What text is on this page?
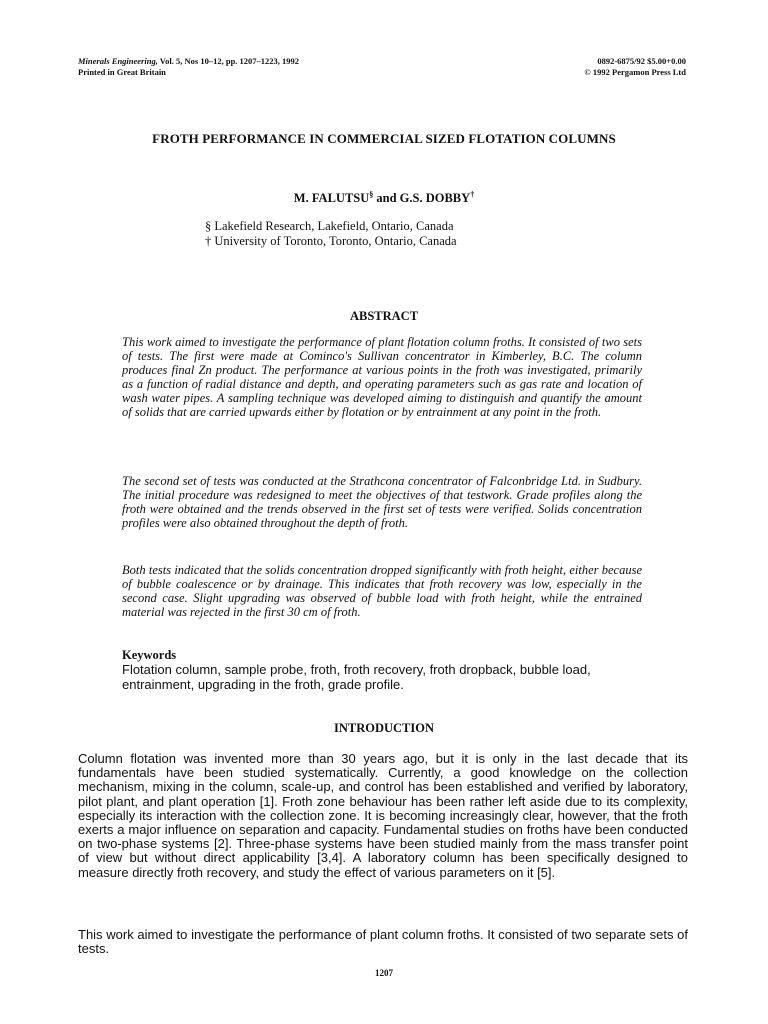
Minerals Engineering, Vol. 5, Nos 10–12, pp. 1207–1223, 1992
Printed in Great Britain
0892-6875/92 $5.00+0.00
© 1992 Pergamon Press Ltd
FROTH PERFORMANCE IN COMMERCIAL SIZED FLOTATION COLUMNS
M. FALUTSU§ and G.S. DOBBY†
§ Lakefield Research, Lakefield, Ontario, Canada
† University of Toronto, Toronto, Ontario, Canada
ABSTRACT
This work aimed to investigate the performance of plant flotation column froths. It consisted of two sets of tests. The first were made at Cominco's Sullivan concentrator in Kimberley, B.C. The column produces final Zn product. The performance at various points in the froth was investigated, primarily as a function of radial distance and depth, and operating parameters such as gas rate and location of wash water pipes. A sampling technique was developed aiming to distinguish and quantify the amount of solids that are carried upwards either by flotation or by entrainment at any point in the froth.
The second set of tests was conducted at the Strathcona concentrator of Falconbridge Ltd. in Sudbury. The initial procedure was redesigned to meet the objectives of that testwork. Grade profiles along the froth were obtained and the trends observed in the first set of tests were verified. Solids concentration profiles were also obtained throughout the depth of froth.
Both tests indicated that the solids concentration dropped significantly with froth height, either because of bubble coalescence or by drainage. This indicates that froth recovery was low, especially in the second case. Slight upgrading was observed of bubble load with froth height, while the entrained material was rejected in the first 30 cm of froth.
Keywords
Flotation column, sample probe, froth, froth recovery, froth dropback, bubble load, entrainment, upgrading in the froth, grade profile.
INTRODUCTION
Column flotation was invented more than 30 years ago, but it is only in the last decade that its fundamentals have been studied systematically. Currently, a good knowledge on the collection mechanism, mixing in the column, scale-up, and control has been established and verified by laboratory, pilot plant, and plant operation [1]. Froth zone behaviour has been rather left aside due to its complexity, especially its interaction with the collection zone. It is becoming increasingly clear, however, that the froth exerts a major influence on separation and capacity. Fundamental studies on froths have been conducted on two-phase systems [2]. Three-phase systems have been studied mainly from the mass transfer point of view but without direct applicability [3,4]. A laboratory column has been specifically designed to measure directly froth recovery, and study the effect of various parameters on it [5].
This work aimed to investigate the performance of plant column froths. It consisted of two separate sets of tests.
1207
